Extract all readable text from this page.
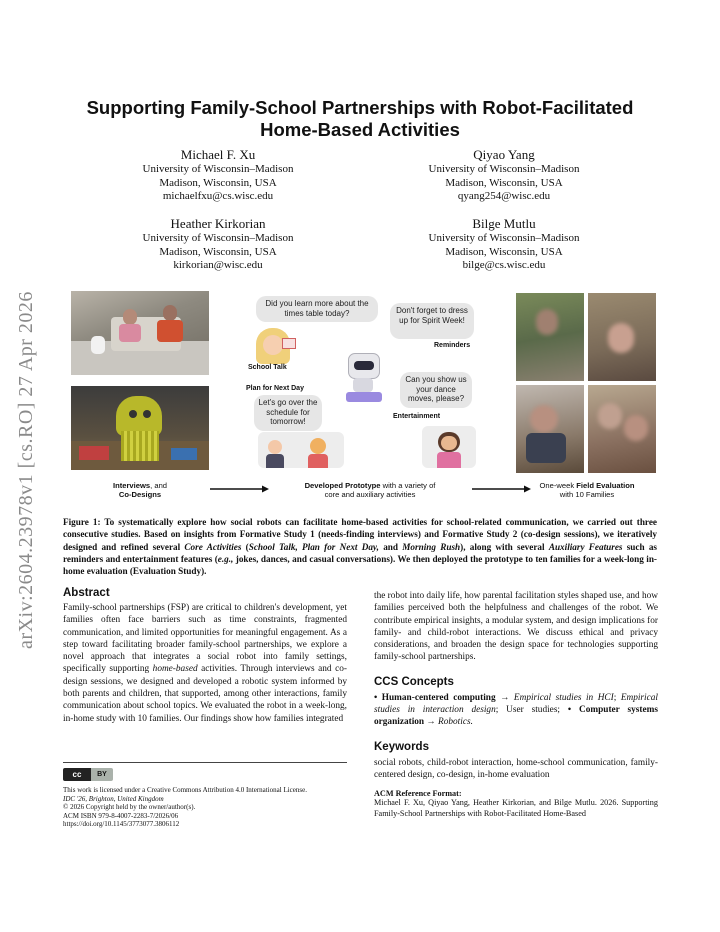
arXiv:2604.23978v1 [cs.RO] 27 Apr 2026
Supporting Family-School Partnerships with Robot-Facilitated
Home-Based Activities
Michael F. Xu
University of Wisconsin–Madison
Madison, Wisconsin, USA
michaelfxu@cs.wisc.edu
Qiyao Yang
University of Wisconsin–Madison
Madison, Wisconsin, USA
qyang254@wisc.edu
Heather Kirkorian
University of Wisconsin–Madison
Madison, Wisconsin, USA
kirkorian@wisc.edu
Bilge Mutlu
University of Wisconsin–Madison
Madison, Wisconsin, USA
bilge@cs.wisc.edu
Did you learn more about the times table today?	Don't forget to dress up for Spirit Week!
Reminders
School Talk
Plan for Next Day
Let's go over the schedule for tomorrow!
Can you show us your dance moves, please?
Entertainment
Interviews, and
Co-Designs
Developed Prototype with a variety of
core and auxiliary activities
One-week Field Evaluation
with 10 Families
Figure 1: To systematically explore how social robots can facilitate home-based activities for school-related communication, we carried out three consecutive studies. Based on insights from Formative Study 1 (needs-finding interviews) and Formative Study 2 (co-design sessions), we iteratively designed and refined several Core Activities (School Talk, Plan for Next Day, and Morning Rush), along with several Auxiliary Features such as reminders and entertainment features (e.g., jokes, dances, and casual conversations). We then deployed the prototype to ten families for a week-long in-home evaluation (Evaluation Study).
Abstract
Family-school partnerships (FSP) are critical to children's development, yet families often face barriers such as time constraints, fragmented communication, and limited opportunities for meaningful engagement. As a step toward facilitating broader family-school partnerships, we explore a novel approach that integrates a social robot into family settings, specifically supporting home-based activities. Through interviews and co-design sessions, we designed and developed a robotic system informed by both parents and children, that supported, among other interactions, family communication about school topics. We evaluated the robot in a week-long, in-home study with 10 families. Our findings show how families integrated
cc	BY
This work is licensed under a Creative Commons Attribution 4.0 International License.
IDC '26, Brighton, United Kingdom
© 2026 Copyright held by the owner/author(s).
ACM ISBN 979-8-4007-2283-7/2026/06
https://doi.org/10.1145/3773077.3806112
the robot into daily life, how parental facilitation styles shaped use, and how families perceived both the helpfulness and challenges of the robot. We contribute empirical insights, a modular system, and design implications for family- and child-robot interactions. We discuss ethical and privacy considerations, and broaden the design space for technologies supporting family-school partnerships.
CCS Concepts
• Human-centered computing → Empirical studies in HCI; Empirical studies in interaction design; User studies; • Computer systems organization → Robotics.
Keywords
social robots, child-robot interaction, home-school communication, family-centered design, co-design, in-home evaluation
ACM Reference Format:
Michael F. Xu, Qiyao Yang, Heather Kirkorian, and Bilge Mutlu. 2026. Supporting Family-School Partnerships with Robot-Facilitated Home-Based
